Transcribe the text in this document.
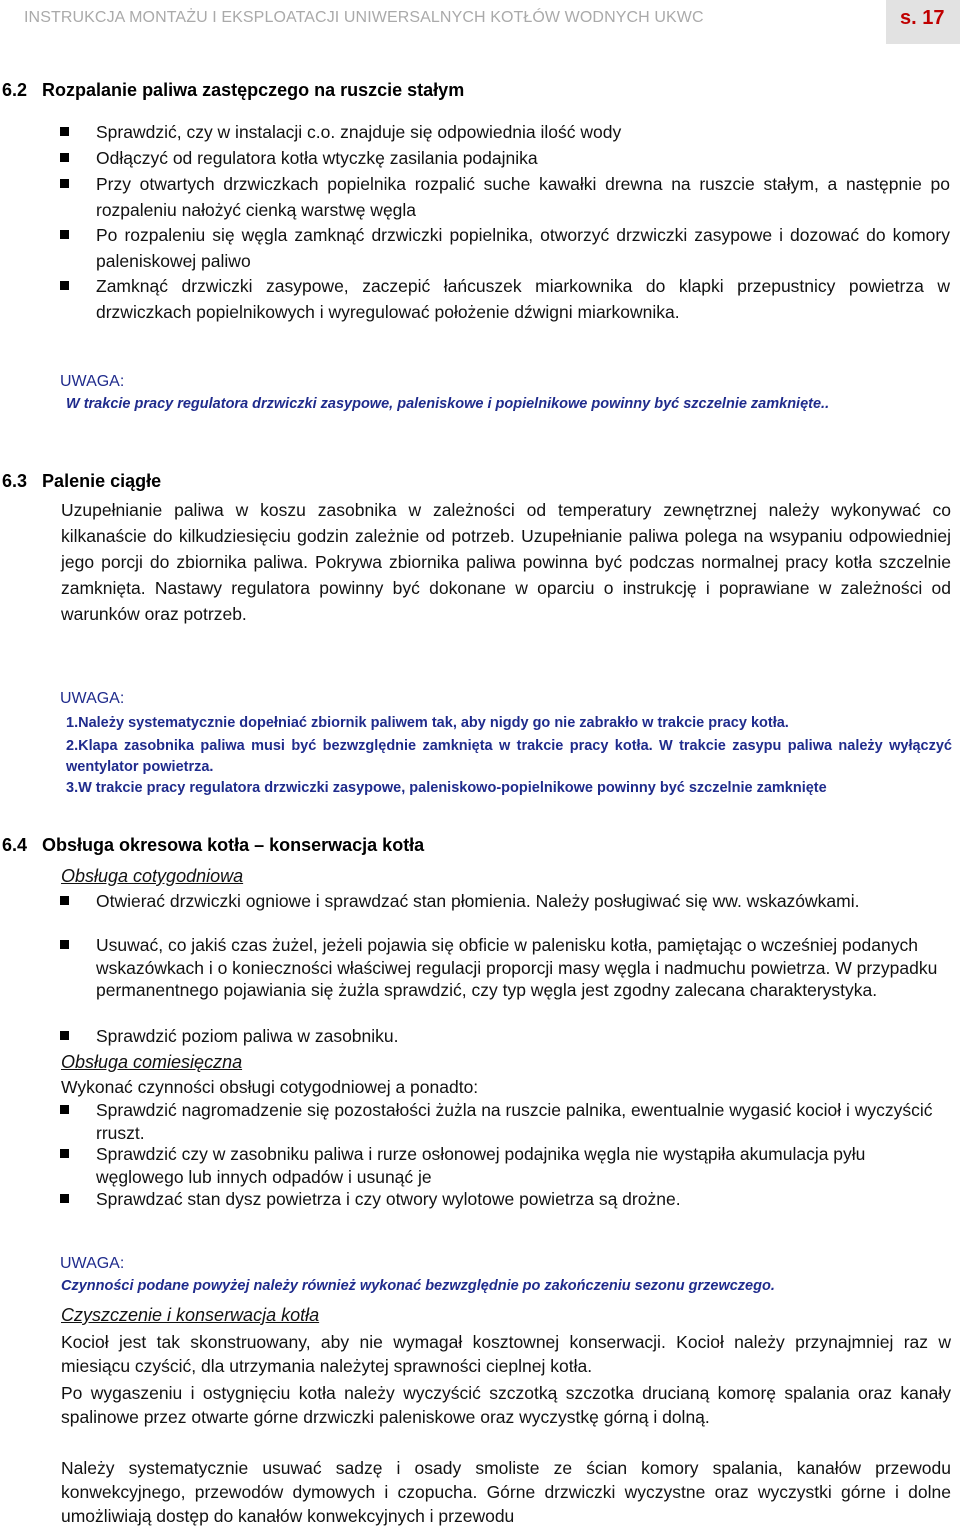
INSTRUKCJA MONTAŻU I EKSPLOATACJI UNIWERSALNYCH KOTŁÓW WODNYCH UKWC	s. 17
6.2 Rozpalanie paliwa zastępczego na ruszcie stałym
Sprawdzić, czy w instalacji c.o. znajduje się odpowiednia ilość wody
Odłączyć od regulatora kotła wtyczkę zasilania podajnika
Przy otwartych drzwiczkach popielnika rozpalić suche kawałki drewna na ruszcie stałym, a następnie po rozpaleniu nałożyć cienką warstwę węgla
Po rozpaleniu się węgla zamknąć drzwiczki popielnika, otworzyć drzwiczki zasypowe i dozować do komory paleniskowej paliwo
Zamknąć drzwiczki zasypowe, zaczepić łańcuszek miarkownika do klapki przepustnicy powietrza w drzwiczkach popielnikowych i wyregulować położenie dźwigni miarkownika.
UWAGA:
W trakcie pracy regulatora drzwiczki zasypowe, paleniskowe i popielnikowe powinny być szczelnie zamknięte..
6.3 Palenie ciągłe
Uzupełnianie paliwa w koszu zasobnika w zależności od temperatury zewnętrznej należy wykonywać co kilkanaście do kilkudziesięciu godzin zależnie od potrzeb. Uzupełnianie paliwa polega na wsypaniu odpowiedniej jego porcji do zbiornika paliwa. Pokrywa zbiornika paliwa powinna być podczas normalnej pracy kotła szczelnie zamknięta. Nastawy regulatora powinny być dokonane w oparciu o instrukcję i poprawiane w zależności od warunków oraz potrzeb.
UWAGA:
1.Należy systematycznie dopełniać zbiornik paliwem tak, aby nigdy go nie zabrakło w trakcie pracy kotła.
2.Klapa zasobnika paliwa musi być bezwzględnie zamknięta w trakcie pracy kotła. W trakcie zasypu paliwa należy wyłączyć wentylator powietrza.
3.W trakcie pracy regulatora drzwiczki zasypowe, paleniskowo-popielnikowe powinny być szczelnie zamknięte
6.4 Obsługa okresowa kotła – konserwacja kotła
Obsługa cotygodniowa
Otwierać drzwiczki ogniowe i sprawdzać stan płomienia. Należy posługiwać się ww. wskazówkami.
Usuwać, co jakiś czas żużel, jeżeli pojawia się obficie w palenisku kotła, pamiętając o wcześniej podanych wskazówkach i o konieczności właściwej regulacji proporcji masy węgla i nadmuchu powietrza. W przypadku permanentnego pojawiania się żużla sprawdzić, czy typ węgla jest zgodny zalecana charakterystyka.
Sprawdzić poziom paliwa w zasobniku.
Obsługa comiesięczna
Wykonać czynności obsługi cotygodniowej a ponadto:
Sprawdzić nagromadzenie się pozostałości żużla na ruszcie palnika, ewentualnie wygasić kocioł i wyczyścić rruszt.
Sprawdzić czy w zasobniku paliwa i rurze osłonowej podajnika węgla nie wystąpiła akumulacja pyłu węglowego lub innych odpadów i usunąć je
Sprawdzać stan dysz powietrza i czy otwory wylotowe powietrza są drożne.
UWAGA:
Czynności podane powyżej należy również wykonać bezwzględnie po zakończeniu sezonu grzewczego.
Czyszczenie i konserwacja kotła
Kocioł jest tak skonstruowany, aby nie wymagał kosztownej konserwacji. Kocioł należy przynajmniej raz w miesiącu czyścić, dla utrzymania należytej sprawności cieplnej kotła.
Po wygaszeniu i ostygnięciu kotła należy wyczyścić szczotką szczotka drucianą komorę spalania oraz kanały spalinowe przez otwarte górne drzwiczki paleniskowe oraz wyczystkę górną i dolną.
Należy systematycznie usuwać sadzę i osady smoliste ze ścian komory spalania, kanałów przewodu konwekcyjnego, przewodów dymowych i czopucha. Górne drzwiczki wyczystne oraz wyczystki górne i dolne umożliwiają dostęp do kanałów konwekcyjnych i przewodu
